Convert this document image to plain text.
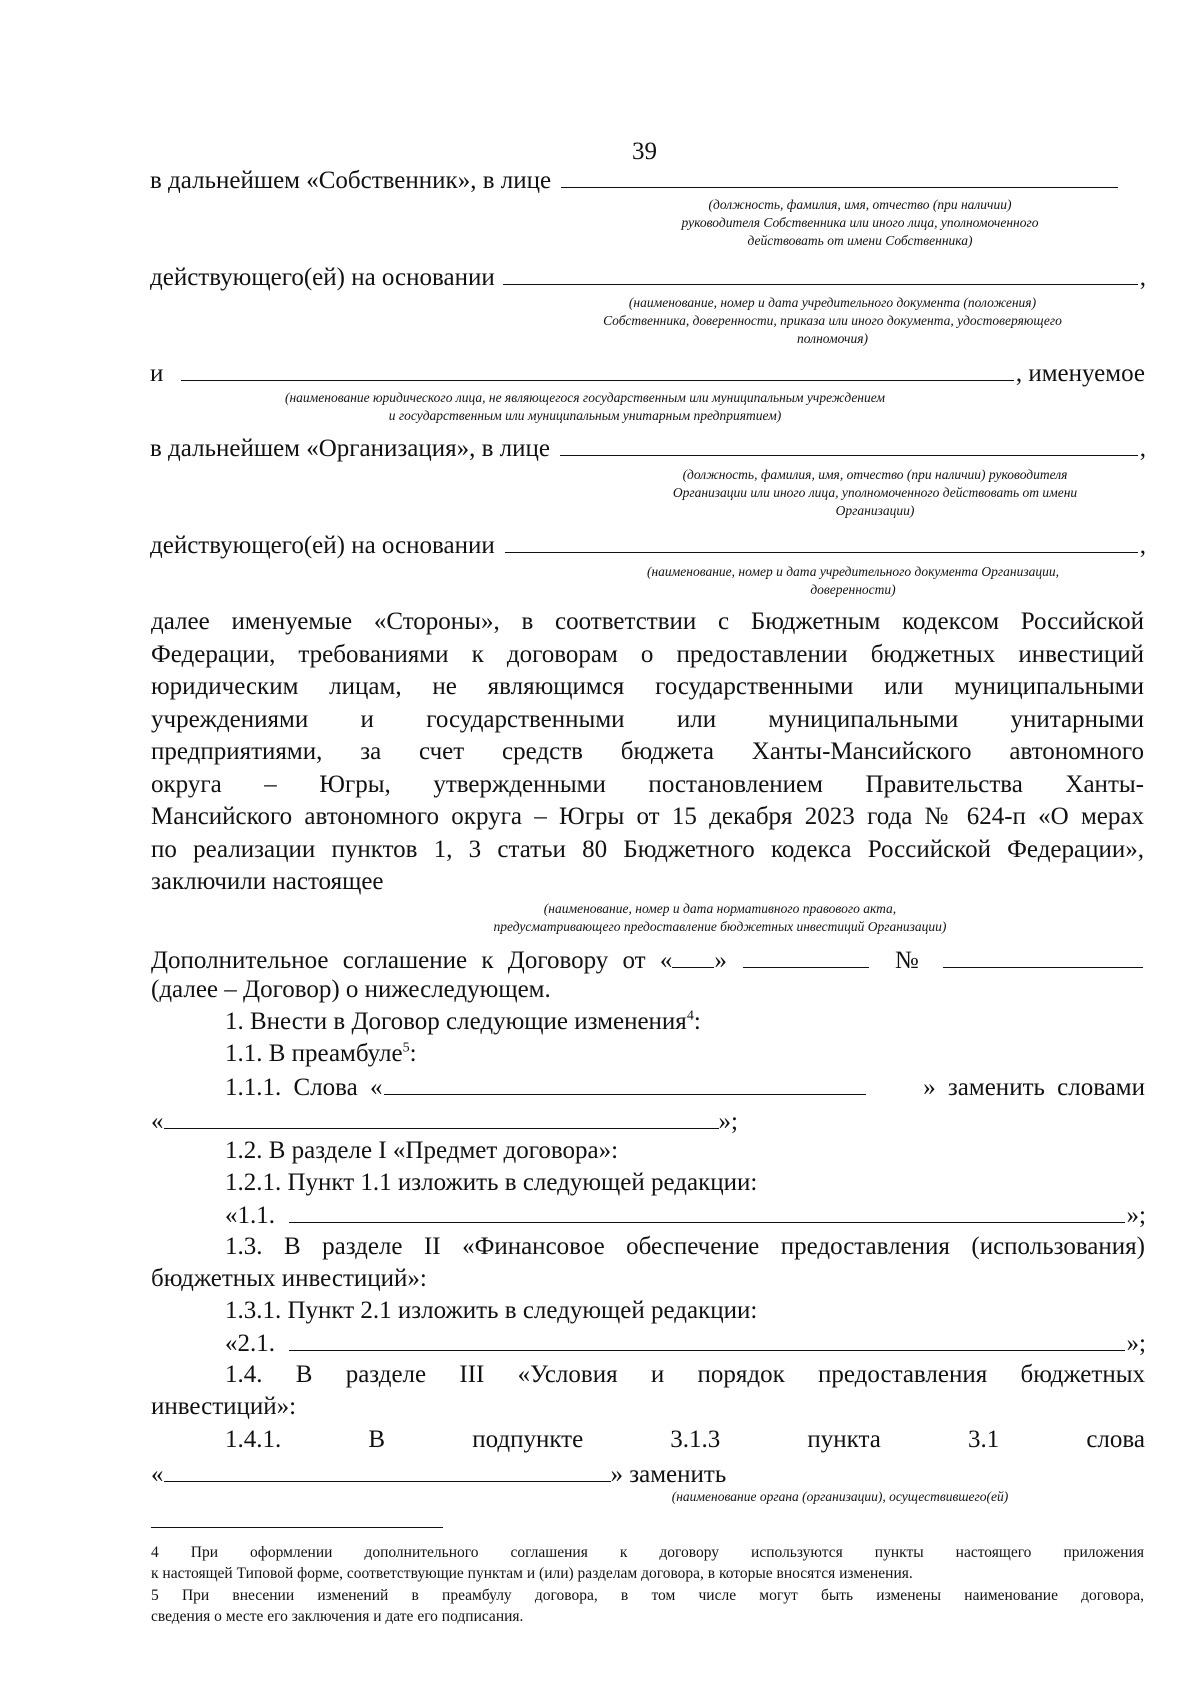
39
в дальнейшем «Собственник», в лице
(должность, фамилия, имя, отчество (при наличии)
руководителя Собственника или иного лица, уполномоченного
действовать от имени Собственника)
действующего(ей) на основании	,
(наименование, номер и дата учредительного документа (положения)
Собственника, доверенности, приказа или иного документа, удостоверяющего
полномочия)
и	, именуемое
(наименование юридического лица, не являющегося государственным или муниципальным учреждением
и государственным или муниципальным унитарным предприятием)
в дальнейшем «Организация», в лице	,
(должность, фамилия, имя, отчество (при наличии) руководителя
Организации или иного лица, уполномоченного действовать от имени
Организации)
действующего(ей) на основании	,
(наименование, номер и дата учредительного документа Организации,
доверенности)
далее именуемые «Стороны», в соответствии с Бюджетным кодексом Российской
Федерации, требованиями к договорам о предоставлении бюджетных инвестиций
юридическим лицам, не являющимся государственными или муниципальными
учреждениями и государственными или муниципальными унитарными
предприятиями, за счет средств бюджета Ханты-Мансийского автономного
округа – Югры, утвержденными постановлением Правительства Ханты-
Мансийского автономного округа – Югры от 15 декабря 2023 года № 624-п «О мерах
по реализации пунктов 1, 3 статьи 80 Бюджетного кодекса Российской Федерации»,
заключили настоящее
(наименование, номер и дата нормативного правового акта,
предусматривающего предоставление бюджетных инвестиций Организации)
Дополнительное соглашение к Договору от « »	№
(далее – Договор) о нижеследующем.
1. Внести в Договор следующие изменения$^4$:
1.1. В преамбуле$^5$:
1.1.1. Слова «	» заменить словами
«	»;
1.2. В разделе I «Предмет договора»:
1.2.1. Пункт 1.1 изложить в следующей редакции:
«1.1.	»;
1.3. В разделе II «Финансовое обеспечение предоставления (использования)
бюджетных инвестиций»:
1.3.1. Пункт 2.1 изложить в следующей редакции:
«2.1.	»;
1.4. В разделе III «Условия и порядок предоставления бюджетных
инвестиций»:
1.4.1.	В	подпункте	3.1.3	пункта	3.1	слова
«	» заменить
(наименование органа (организации), осуществившего(ей)
4 При оформлении дополнительного соглашения к договору используются пункты настоящего приложения
к настоящей Типовой форме, соответствующие пунктам и (или) разделам договора, в которые вносятся изменения.
5 При внесении изменений в преамбулу договора, в том числе могут быть изменены наименование договора,
сведения о месте его заключения и дате его подписания.
